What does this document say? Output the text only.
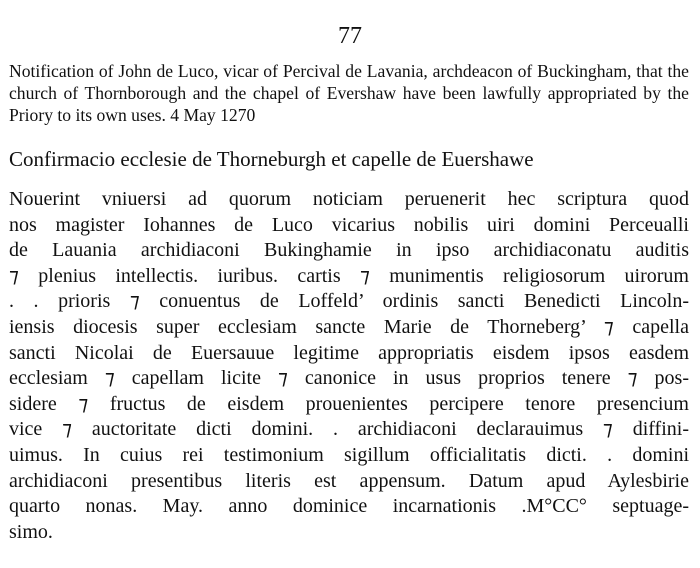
77

Notification of John de Luco, vicar of Percival de Lavania, archdeacon of Buckingham, that the church of Thornborough and the chapel of Evershaw have been lawfully appropriated by the Priory to its own uses. 4 May 1270

Confirmacio ecclesie de Thorneburgh et capelle de Euershawe
Nouerint vniuersi ad quorum noticiam peruenerit hec scriptura quod
nos magister Iohannes de Luco vicarius nobilis uiri domini Perceualli
de Lauania archidiaconi Bukinghamie in ipso archidiaconatu auditis
⁊ plenius intellectis. iuribus. cartis ⁊ munimentis religiosorum uirorum
. . prioris ⁊ conuentus de Loffeld’ ordinis sancti Benedicti Lincoln-
iensis diocesis super ecclesiam sancte Marie de Thorneberg’ ⁊ capella
sancti Nicolai de Euersauue legitime appropriatis eisdem ipsos easdem
ecclesiam ⁊ capellam licite ⁊ canonice in usus proprios tenere ⁊ pos-
sidere ⁊ fructus de eisdem prouenientes percipere tenore presencium
vice ⁊ auctoritate dicti domini. . archidiaconi declarauimus ⁊ diffini-
uimus. In cuius rei testimonium sigillum officialitatis dicti. . domini
archidiaconi presentibus literis est appensum. Datum apud Aylesbirie
quarto nonas. May. anno dominice incarnationis .M°CC° septuage-
simo.
